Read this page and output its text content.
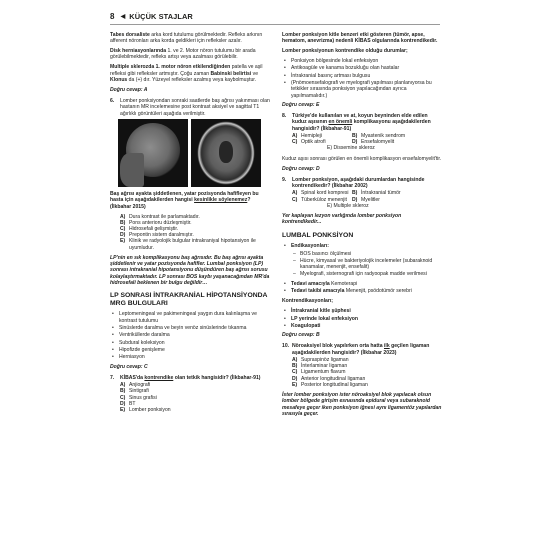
8 ◀ KÜÇÜK STAJLAR

Tabes dorsaliste arka kord tutulumu görülmektedir. Refleks arkının afferent nöronları arka korda geldikleri için refleksler azalır.

Disk herniasyonlarında 1. ve 2. Motor nöron tutulumu bir arada görülebilmektedir, refleks artışı veya azalması görülebilir.

Multiple sklerozda 1. motor nöron etkilendiğinden patella ve aşil refleksi gibi refleksler artmıştır. Çoğu zaman Babinski belirtisi ve Klonus da (+) dır. Yüzeyel refleksler azalmış veya kaybolmuştur.

Doğru cevap: A

6.	Lomber ponksiyondan sonraki saatlerde baş ağrısı yakınması olan hastanın MR incelemesine post kontrast aksiyel ve sagittal T1 ağırlıklı görüntüleri aşağıda verilmiştir.

Baş ağrısı ayakta şiddetlenen, yatar pozisyonda hafifleyen bu hasta için aşağıdakilerden hangisi kesinlikle söylenemez? (İlkbahar 2015)

A) Dura kontrast ile parlamaktadır.
B) Pons anterioru düzleşmiştir.
C) Hidrosefali gelişmiştir.
D) Prepontin sistern daralmıştır.
E) Klinik ve radyolojik bulgular intrakraniyal hipotansiyon ile uyumludur.

LP'nin en sık komplikasyonu baş ağrısıdır. Bu baş ağrısı ayakta şiddetlenir ve yatar pozisyonda hafifler. Lumbal ponksiyon (LP) sonrası intrakranial hipotansiyonu düşündüren baş ağrısı sorusu kolaylaştırmaktadır. LP sonrası BOS kaybı yaşanacağından MR'da hidrosefali beklenen bir bulgu değildir…

LP SONRASI İNTRAKRANİAL HİPOTANSİYONDA MRG BULGULARI
• Leptomeningeal ve pakimeningeal yaygın dura kalınlaşma ve kontrast tutulumu
• Sinüslerde daralma ve beyin venöz sinüslerinde tıkanma
• Ventriküllerde daralma
• Subdural koleksiyon
• Hipofizde genişleme
• Herniasyon

Doğru cevap: C

7.	KİBAS'da kontrendike olan tetkik hangisidir? (İlkbahar-91)
A) Anjiografi
B) Sintigrafi
C) Sinus grafisi
D) BT
E) Lomber ponksiyon

Lomber ponksiyon kitle benzeri etki gösteren (tümör, apse, hematom, anevrizma) nedenli KİBAS olgularında kontrendikedir.

Lomber ponksiyonun kontrendike olduğu durumlar;

• Ponksiyon bölgesinde lokal enfeksiyon
• Antikoagüle ve kanama bozukluğu olan hastalar
• İntrakranial basınç artması bulgusu
• (Pnömoensefalografi ve myelografi yapılması planlanıyorsa bu tetkikler sırasında ponksiyon yapılacağından ayrıca yapılmamalıdır.)

Doğru cevap: E

8.	Türkiye'de kullanılan ve at, koyun beyninden elde edilen kuduz aşısının en önemli komplikasyonu aşağıdakilerden hangisidir? (İlkbahar-91)
A) Hemipleji	B) Myastenik sendrom
C) Optik atrofi	D) Ensefalomyelit
E) Dissemine skleroz

Kuduz aşısı sonrası görülen en önemli komplikasyon ensefalomyelit'tir.

Doğru cevap: D

9.	Lomber ponksiyon, aşağıdaki durumlardan hangisinde kontrendikedir? (İlkbahar 2002)
A) Spinal kord kompresi B) İntrakranial tümör
C) Tüberküloz menenjit D) Myelitler
E) Multiple skleroz

Yer kaplayan lezyon varlığında lomber ponksiyon kontrendikedir...

LUMBAL PONKSİYON
• Endikasyonları:
– BOS basıncı ölçülmesi
– Hücre, kimyasal ve bakteriyolojik incelemeler (subaraknoid kanamalar, menenjit, ensefalit)
– Myelografi, sisternografi için radyoopak madde verilmesi
• Tedavi amacıyla Kemoterapi
• Tedavi takibi amacıyla Menenjit, psödotümör serebri

Kontrendikasyonları;

• İntrakranial kitle şüphesi
• LP yerinde lokal enfeksiyon
• Koagulopati

Doğru cevap: B

10. Nöroaksiyel blok yapılırken orta hatta ilk geçilen ligaman aşağıdakilerden hangisidir? (İlkbahar 2023)
A) Supraspinöz ligaman
B) İnterlaminar ligaman
C) Ligamentum flavum
D) Anterior longitudinal ligaman
E) Posterior longitudinal ligaman

İster lomber ponksiyon ister nöroaksiyel blok yapılacak olsun lomber bölgede girişim esnasında epidural veya subaraknoid mesafeye geçer iken ponksiyon iğnesi aynı ligamentöz yapılardan sırasıyla geçer.
